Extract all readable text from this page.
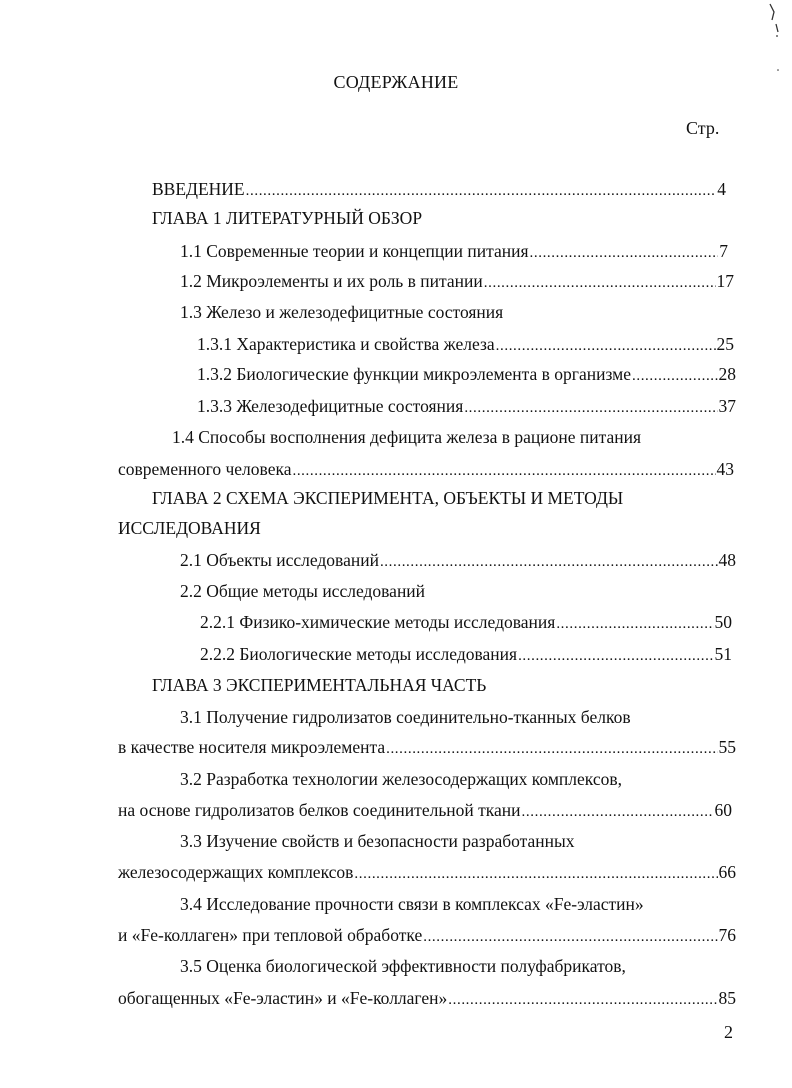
СОДЕРЖАНИЕ
Стр.
ВВЕДЕНИЕ .....	4
ГЛАВА 1 ЛИТЕРАТУРНЫЙ ОБЗОР
1.1 Современные теории и концепции питания .....	7
1.2 Микроэлементы и их роль в питании .....	17
1.3 Железо и железодефицитные состояния
1.3.1 Характеристика и свойства железа .....	25
1.3.2 Биологические функции микроэлемента в организме .....	28
1.3.3 Железодефицитные состояния .....	37
1.4 Способы восполнения дефицита железа в рационе питания
современного человека .....	43
ГЛАВА 2 СХЕМА ЭКСПЕРИМЕНТА, ОБЪЕКТЫ И МЕТОДЫ
ИССЛЕДОВАНИЯ
2.1 Объекты исследований .....	48
2.2 Общие методы исследований
2.2.1 Физико-химические методы исследования .....	50
2.2.2 Биологические методы исследования .....	51
ГЛАВА 3 ЭКСПЕРИМЕНТАЛЬНАЯ ЧАСТЬ
3.1 Получение гидролизатов соединительно-тканных белков
в качестве носителя микроэлемента .....	55
3.2 Разработка технологии железосодержащих комплексов,
на основе гидролизатов белков соединительной ткани .....	60
3.3 Изучение свойств и безопасности разработанных
железосодержащих комплексов .....	66
3.4 Исследование прочности связи в комплексах «Fe-эластин»
и «Fe-коллаген» при тепловой обработке .....	76
3.5 Оценка биологической эффективности полуфабрикатов,
обогащенных «Fe-эластин» и «Fe-коллаген» .....	85
2
